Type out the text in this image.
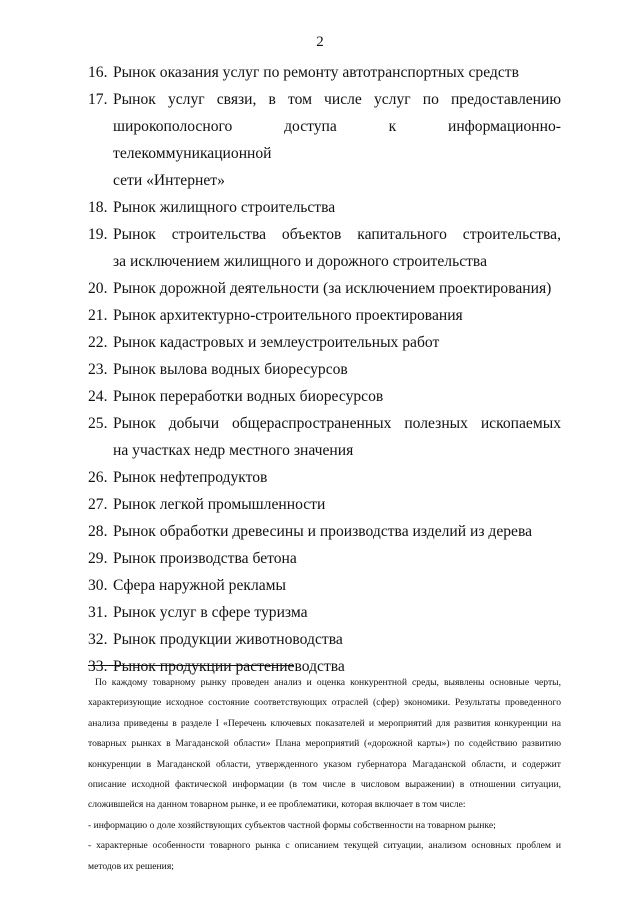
2
16. Рынок оказания услуг по ремонту автотранспортных средств
17. Рынок услуг связи, в том числе услуг по предоставлению
широкополосного доступа к информационно-телекоммуникационной
сети «Интернет»
18. Рынок жилищного строительства
19. Рынок строительства объектов капитального строительства,
за исключением жилищного и дорожного строительства
20. Рынок дорожной деятельности (за исключением проектирования)
21. Рынок архитектурно-строительного проектирования
22. Рынок кадастровых и землеустроительных работ
23. Рынок вылова водных биоресурсов
24. Рынок переработки водных биоресурсов
25. Рынок добычи общераспространенных полезных ископаемых
на участках недр местного значения
26. Рынок нефтепродуктов
27. Рынок легкой промышленности
28. Рынок обработки древесины и производства изделий из дерева
29. Рынок производства бетона
30. Сфера наружной рекламы
31. Рынок услуг в сфере туризма
32. Рынок продукции животноводства
33. Рынок продукции растениеводства

По каждому товарному рынку проведен анализ и оценка конкурентной среды, выявлены основные черты, характеризующие исходное состояние соответствующих отраслей (сфер) экономики. Результаты проведенного анализа приведены в разделе I «Перечень ключевых показателей и мероприятий для развития конкуренции на товарных рынках в Магаданской области» Плана мероприятий («дорожной карты») по содействию развитию конкуренции в Магаданской области, утвержденного указом губернатора Магаданской области, и содержит описание исходной фактической информации (в том числе в числовом выражении) в отношении ситуации, сложившейся на данном товарном рынке, и ее проблематики, которая включает в том числе:

- информацию о доле хозяйствующих субъектов частной формы собственности на товарном рынке;

- характерные особенности товарного рынка с описанием текущей ситуации, анализом основных проблем и методов их решения;
